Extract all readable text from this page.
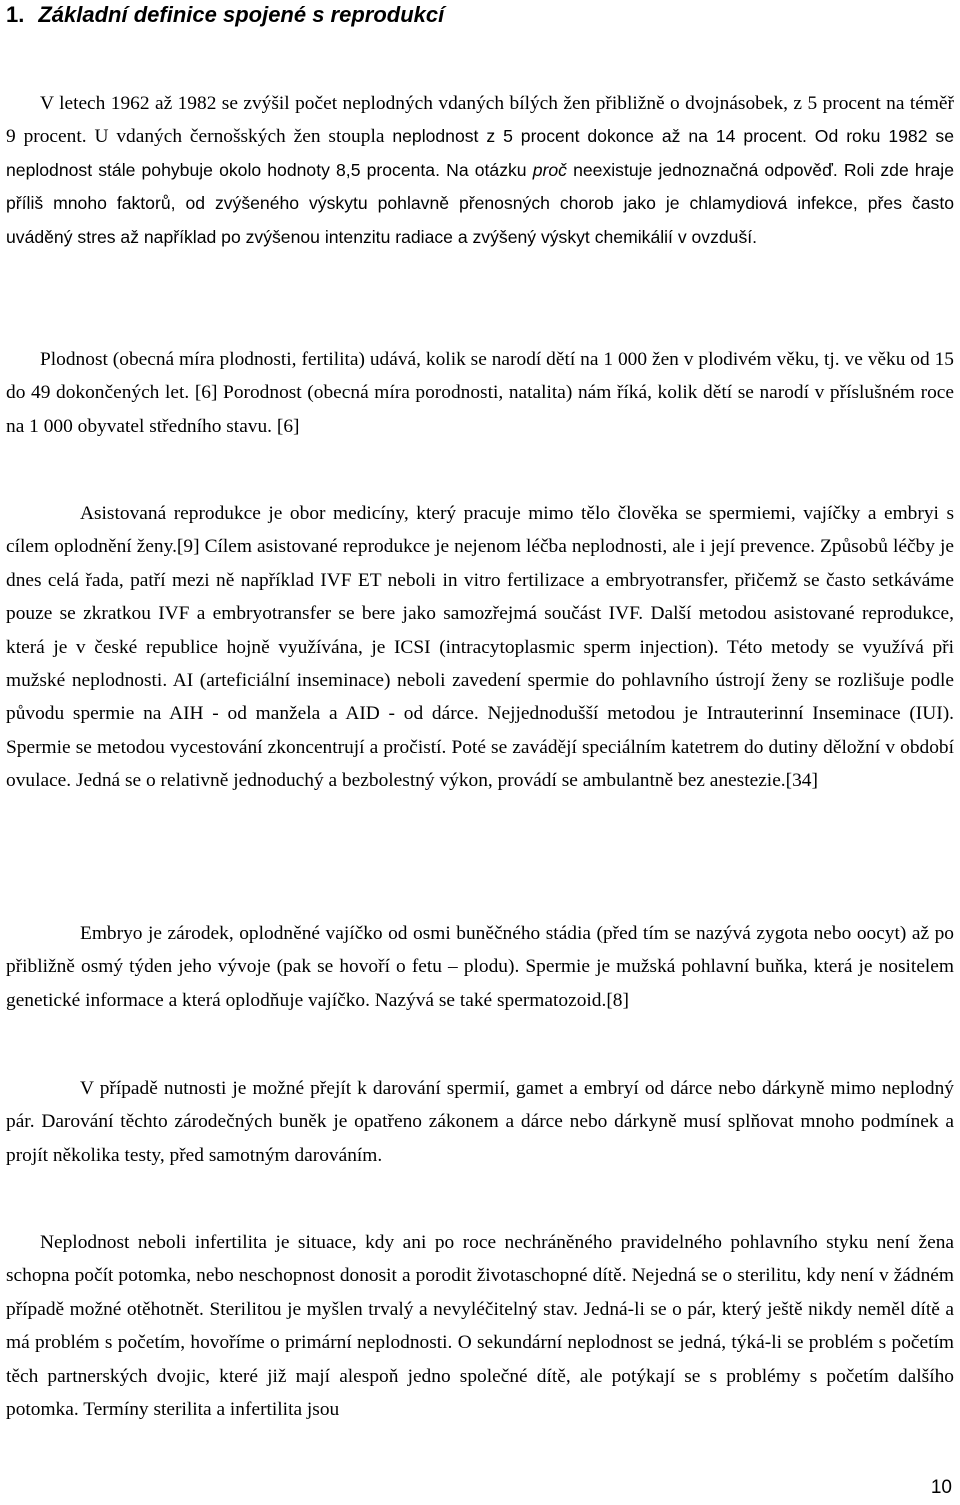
1. Základní definice spojené s reprodukcí

V letech 1962 až 1982 se zvýšil počet neplodných vdaných bílých žen přibližně o dvojnásobek, z 5 procent na téměř 9 procent. U vdaných černošských žen stoupla neplodnost z 5 procent dokonce až na 14 procent. Od roku 1982 se neplodnost stále pohybuje okolo hodnoty 8,5 procenta. Na otázku proč neexistuje jednoznačná odpověď. Roli zde hraje příliš mnoho faktorů, od zvýšeného výskytu pohlavně přenosných chorob jako je chlamydiová infekce, přes často uváděný stres až například po zvýšenou intenzitu radiace a zvýšený výskyt chemikálií v ovzduší.

Plodnost (obecná míra plodnosti, fertilita) udává, kolik se narodí dětí na 1 000 žen v plodivém věku, tj. ve věku od 15 do 49 dokončených let. [6] Porodnost (obecná míra porodnosti, natalita) nám říká, kolik dětí se narodí v příslušném roce na 1 000 obyvatel středního stavu. [6]

Asistovaná reprodukce je obor medicíny, který pracuje mimo tělo člověka se spermiemi, vajíčky a embryi s cílem oplodnění ženy.[9] Cílem asistované reprodukce je nejenom léčba neplodnosti, ale i její prevence. Způsobů léčby je dnes celá řada, patří mezi ně například IVF ET neboli in vitro fertilizace a embryotransfer, přičemž se často setkáváme pouze se zkratkou IVF a embryotransfer se bere jako samozřejmá součást IVF. Další metodou asistované reprodukce, která je v české republice hojně využívána, je ICSI (intracytoplasmic sperm injection). Této metody se využívá při mužské neplodnosti. AI (arteficiální inseminace) neboli zavedení spermie do pohlavního ústrojí ženy se rozlišuje podle původu spermie na AIH - od manžela a AID - od dárce. Nejjednodušší metodou je Intrauterinní Inseminace (IUI). Spermie se metodou vycestování zkoncentrují a pročistí. Poté se zavádějí speciálním katetrem do dutiny děložní v období ovulace. Jedná se o relativně jednoduchý a bezbolestný výkon, provádí se ambulantně bez anestezie.[34]

Embryo je zárodek, oplodněné vajíčko od osmi buněčného stádia (před tím se nazývá zygota nebo oocyt) až po přibližně osmý týden jeho vývoje (pak se hovoří o fetu – plodu). Spermie je mužská pohlavní buňka, která je nositelem genetické informace a která oplodňuje vajíčko. Nazývá se také spermatozoid.[8]

V případě nutnosti je možné přejít k darování spermií, gamet a embryí od dárce nebo dárkyně mimo neplodný pár. Darování těchto zárodečných buněk je opatřeno zákonem a dárce nebo dárkyně musí splňovat mnoho podmínek a projít několika testy, před samotným darováním.

Neplodnost neboli infertilita je situace, kdy ani po roce nechráněného pravidelného pohlavního styku není žena schopna počít potomka, nebo neschopnost donosit a porodit životaschopné dítě. Nejedná se o sterilitu, kdy není v žádném případě možné otěhotnět. Sterilitou je myšlen trvalý a nevyléčitelný stav. Jedná-li se o pár, který ještě nikdy neměl dítě a má problém s početím, hovoříme o primární neplodnosti. O sekundární neplodnost se jedná, týká-li se problém s početím těch partnerských dvojic, které již mají alespoň jedno společné dítě, ale potýkají se s problémy s početím dalšího potomka. Termíny sterilita a infertilita jsou

10
